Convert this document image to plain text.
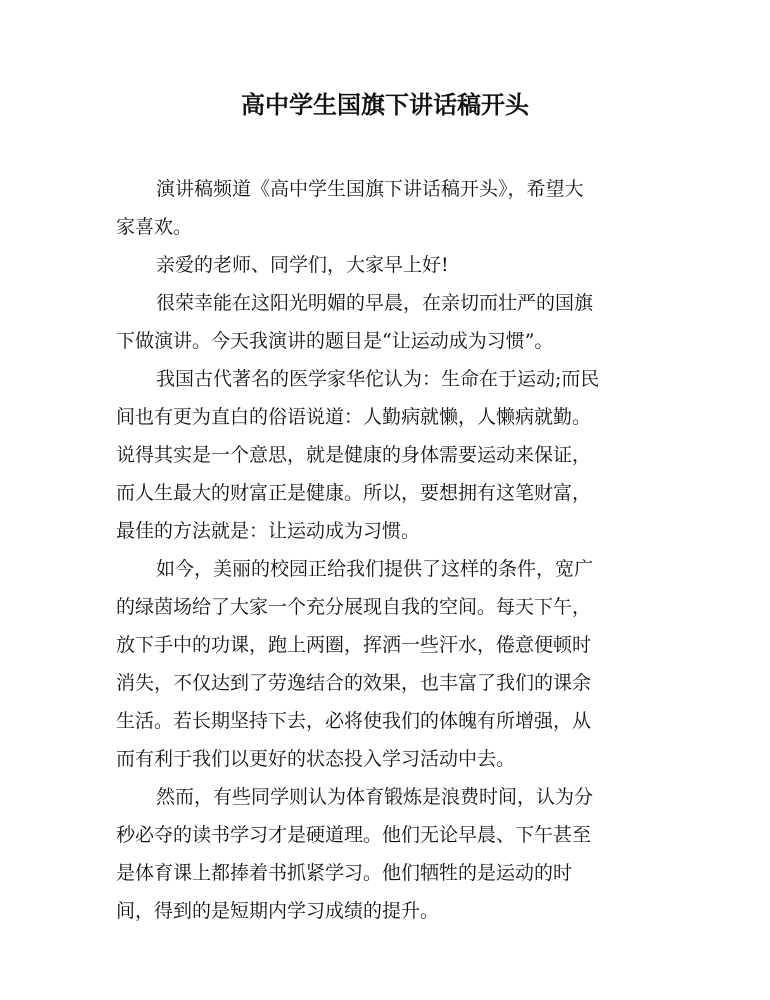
高中学生国旗下讲话稿开头

演讲稿频道《高中学生国旗下讲话稿开头》，希望大
家喜欢。

亲爱的老师、同学们，大家早上好!

很荣幸能在这阳光明媚的早晨，在亲切而壮严的国旗
下做演讲。今天我演讲的题目是“让运动成为习惯”。

我国古代著名的医学家华佗认为：生命在于运动;而民
间也有更为直白的俗语说道：人勤病就懒，人懒病就勤。
说得其实是一个意思，就是健康的身体需要运动来保证，
而人生最大的财富正是健康。所以，要想拥有这笔财富，
最佳的方法就是：让运动成为习惯。

如今，美丽的校园正给我们提供了这样的条件，宽广
的绿茵场给了大家一个充分展现自我的空间。每天下午，
放下手中的功课，跑上两圈，挥洒一些汗水，倦意便顿时
消失，不仅达到了劳逸结合的效果，也丰富了我们的课余
生活。若长期坚持下去，必将使我们的体魄有所增强，从
而有利于我们以更好的状态投入学习活动中去。

然而，有些同学则认为体育锻炼是浪费时间，认为分
秒必夺的读书学习才是硬道理。他们无论早晨、下午甚至
是体育课上都捧着书抓紧学习。他们牺牲的是运动的时
间，得到的是短期内学习成绩的提升。
